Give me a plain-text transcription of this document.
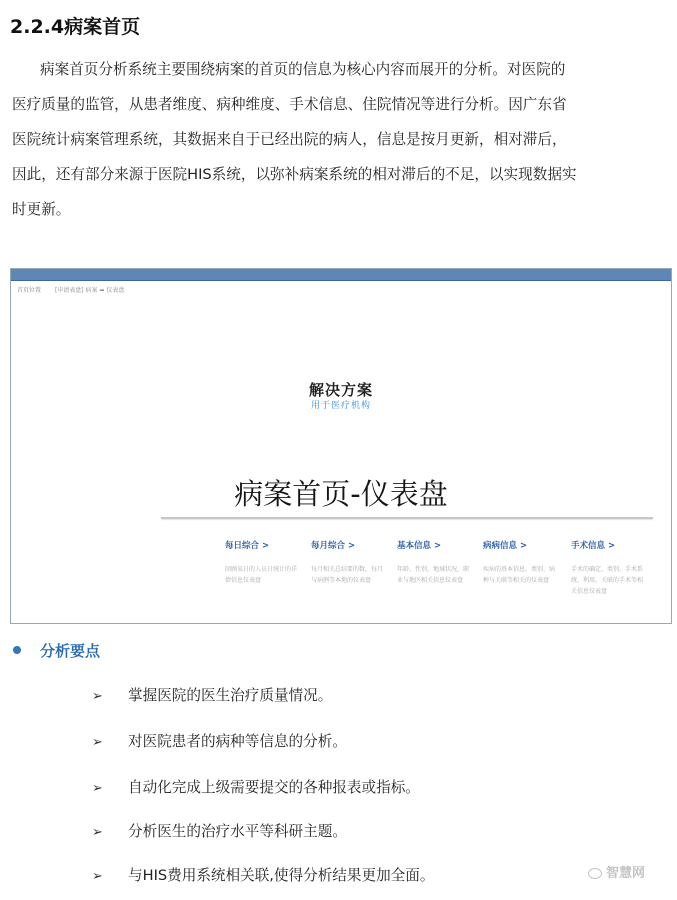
2.2.4病案首页
病案首页分析系统主要围绕病案的首页的信息为核心内容而展开的分析。对医院的
医疗质量的监管，从患者维度、病种维度、手术信息、住院情况等进行分析。因广东省
医院统计病案管理系统，其数据来自于已经出院的病人，信息是按月更新，相对滞后，
因此，还有部分来源于医院HIS系统，以弥补病案系统的相对滞后的不足，以实现数据实
时更新。
首页位置 [申请表盘] 病案 ➡ 仪表盘
解决方案
用于医疗机构
病案首页-仪表盘
每日综合 >
回顾某日的人员日统计的详情信息仪表盘
每月综合 >
每月相关总结要的数，每月与病例等本地的仪表盘
基本信息 >
年龄、性别，地域状况，职业与地区相关信息仪表盘
病病信息 >
疾病的基本信息，类别、病种与关联等相关的仪表盘
手术信息 >
手术的确定、类别、手术系统、利用，关联的手术等相关信息仪表盘
分析要点
➢ 掌握医院的医生治疗质量情况。
➢ 对医院患者的病种等信息的分析。
➢ 自动化完成上级需要提交的各种报表或指标。
➢ 分析医生的治疗水平等科研主题。
➢ 与HIS费用系统相关联,使得分析结果更加全面。	智慧网
